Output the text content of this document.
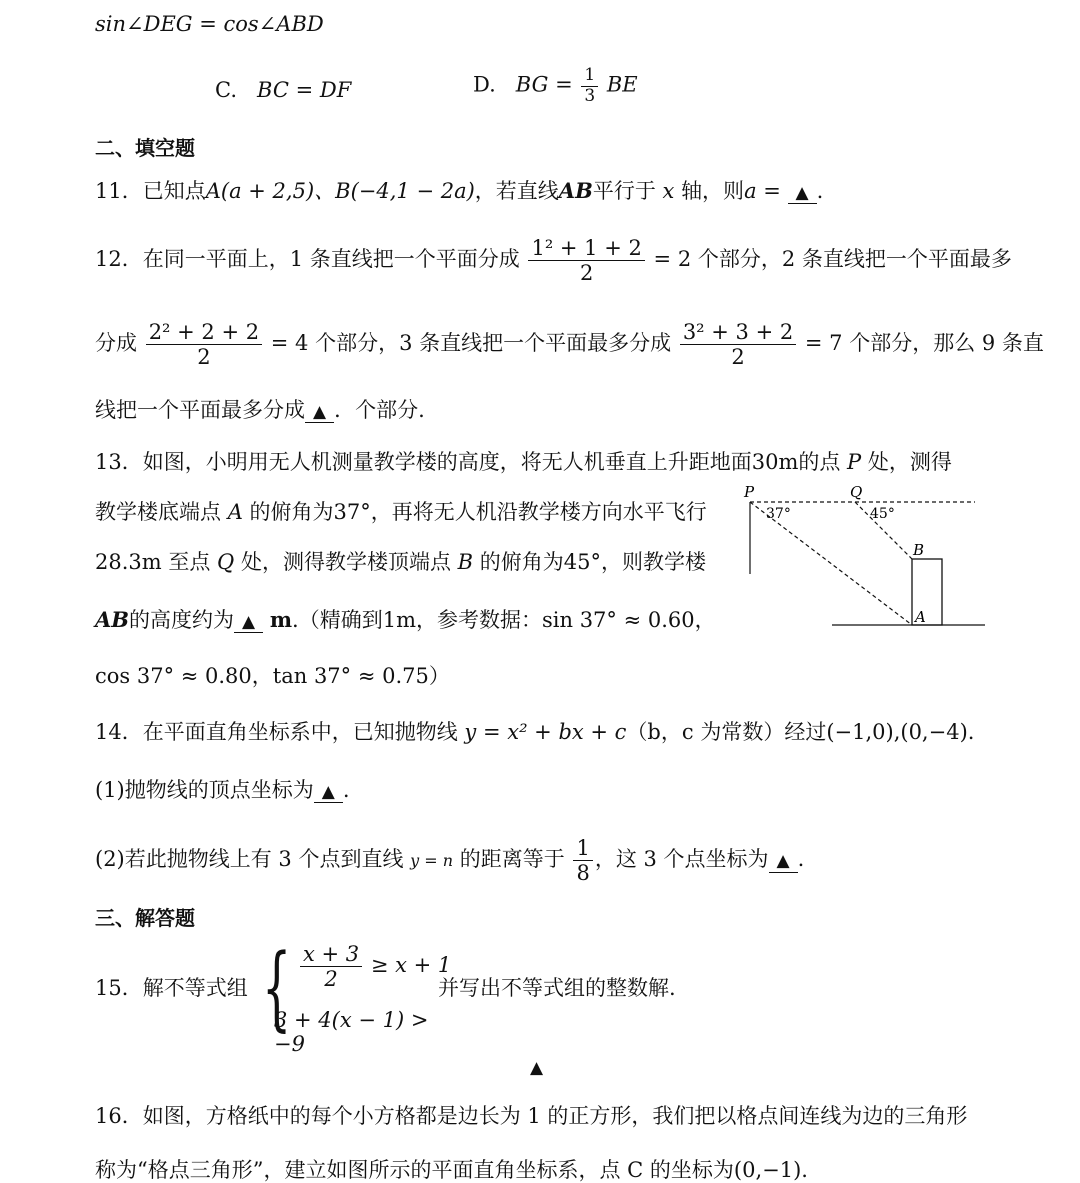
sin∠DEG = cos∠ABD
C. BC = DF	D. BG = $\frac{1}{3}$ BE
二、填空题
11．已知点A(a + 2,5)、B(−4,1 − 2a)，若直线AB平行于 x 轴，则a = ▲ .
12．在同一平面上，1 条直线把一个平面分成 $\frac{\text{1² + 1 + 2}}{2} = 2$ 个部分，2 条直线把一个平面最多
分成 $\frac{\text{2² + 2 + 2}}{2} = 4$ 个部分，3 条直线把一个平面最多分成 $\frac{\text{3² + 3 + 2}}{2} = 7$ 个部分，那么 9 条直
线把一个平面最多分成 ▲ ．个部分.
13．如图，小明用无人机测量教学楼的高度，将无人机垂直上升距地面30m的点 P 处，测得
教学楼底端点 A 的俯角为37°，再将无人机沿教学楼方向水平飞行
28.3m 至点 Q 处，测得教学楼顶端点 B 的俯角为45°，则教学楼
AB的高度约为 ▲ m.（精确到1m，参考数据：sin 37° ≈ 0.60，
cos 37° ≈ 0.80，tan 37° ≈ 0.75）
P	Q
B
A
37°	45°
14．在平面直角坐标系中，已知抛物线 y = x² + bx + c（b，c 为常数）经过(−1,0),(0,−4).
(1)抛物线的顶点坐标为 ▲ .
(2)若此抛物线上有 3 个点到直线 y = n 的距离等于 $\frac{1}{8}$ ，这 3 个点坐标为 ▲ .
三、解答题
15．解不等式组 { $\frac{x + 3}{2} \ge x + 1$
3 + 4(x − 1) > −9
并写出不等式组的整数解.
▲
16．如图，方格纸中的每个小方格都是边长为 1 的正方形，我们把以格点间连线为边的三角形
称为“格点三角形”，建立如图所示的平面直角坐标系，点 C 的坐标为(0,−1).
